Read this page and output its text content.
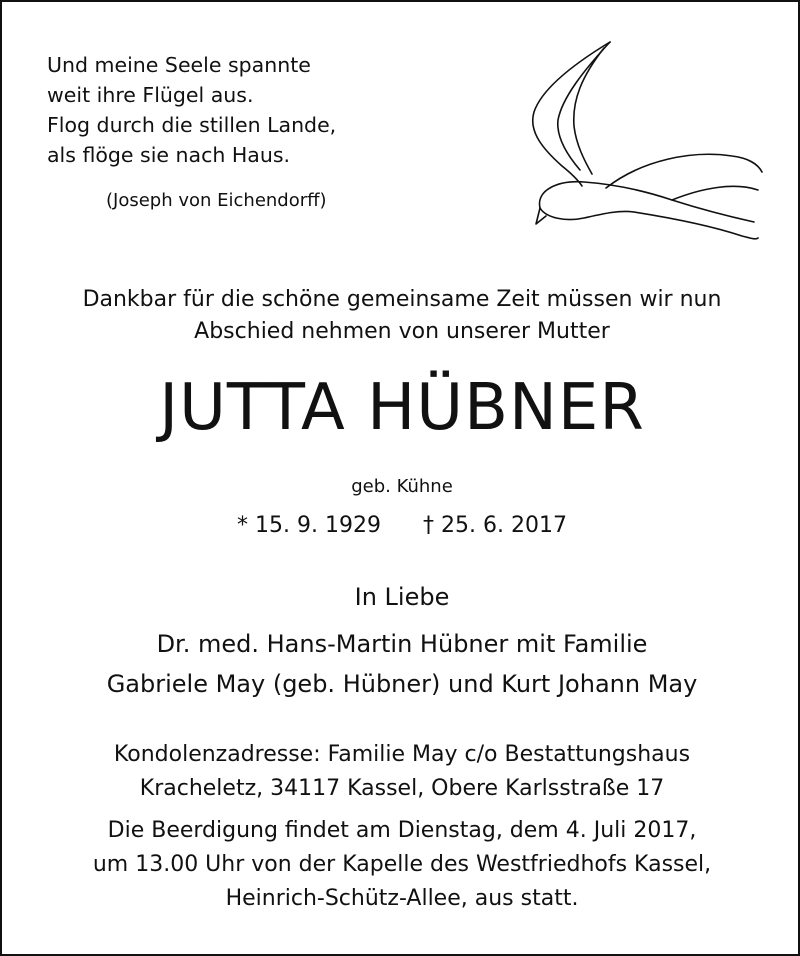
Und meine Seele spannte
weit ihre Flügel aus.
Flog durch die stillen Lande,
als flöge sie nach Haus.
(Joseph von Eichendorff)
Dankbar für die schöne gemeinsame Zeit müssen wir nun
Abschied nehmen von unserer Mutter
JUTTA HÜBNER
geb. Kühne
* 15. 9. 1929 † 25. 6. 2017
In Liebe
Dr. med. Hans-Martin Hübner mit Familie
Gabriele May (geb. Hübner) und Kurt Johann May
Kondolenzadresse: Familie May c/o Bestattungshaus
Kracheletz, 34117 Kassel, Obere Karlsstraße 17
Die Beerdigung findet am Dienstag, dem 4. Juli 2017,
um 13.00 Uhr von der Kapelle des Westfriedhofs Kassel,
Heinrich-Schütz-Allee, aus statt.
